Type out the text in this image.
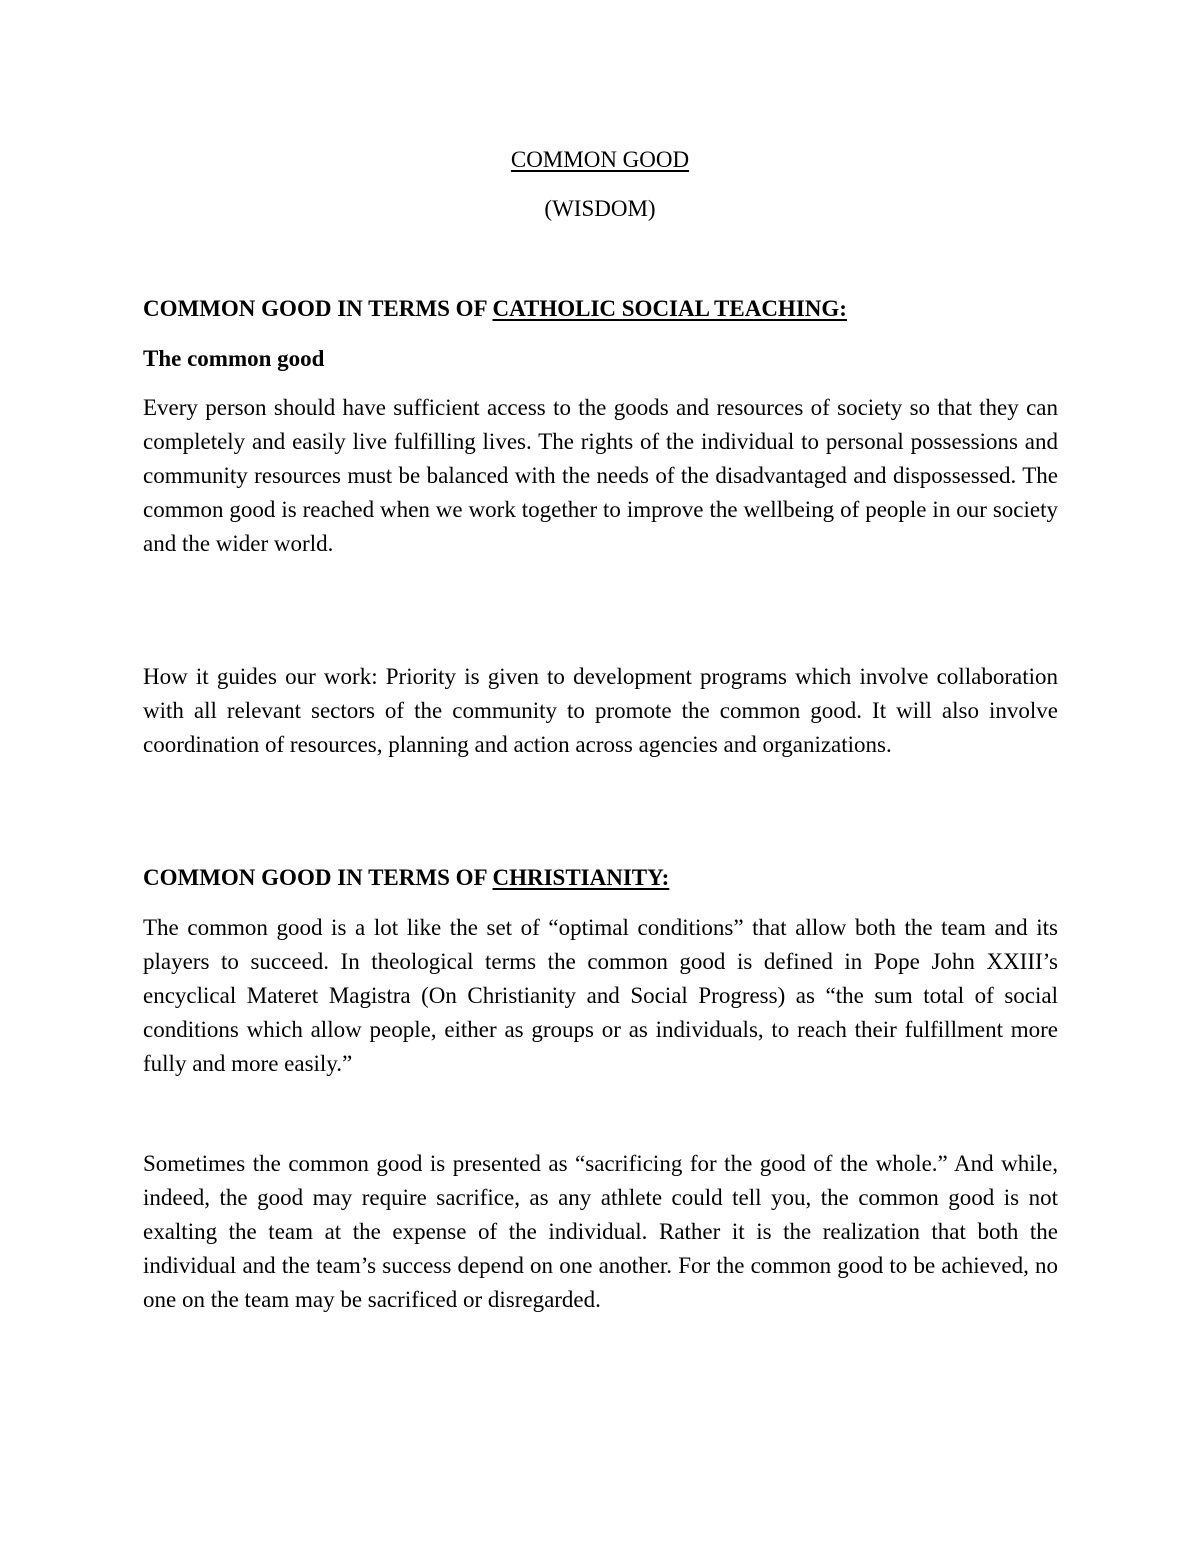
COMMON GOOD
(WISDOM)
COMMON GOOD IN TERMS OF CATHOLIC SOCIAL TEACHING:
The common good
Every person should have sufficient access to the goods and resources of society so that they can completely and easily live fulfilling lives. The rights of the individual to personal possessions and community resources must be balanced with the needs of the disadvantaged and dispossessed. The common good is reached when we work together to improve the wellbeing of people in our society and the wider world.
How it guides our work: Priority is given to development programs which involve collaboration with all relevant sectors of the community to promote the common good. It will also involve coordination of resources, planning and action across agencies and organizations.
COMMON GOOD IN TERMS OF CHRISTIANITY:
The common good is a lot like the set of “optimal conditions” that allow both the team and its players to succeed. In theological terms the common good is defined in Pope John XXIII’s encyclical Materet Magistra (On Christianity and Social Progress) as “the sum total of social conditions which allow people, either as groups or as individuals, to reach their fulfillment more fully and more easily.”
Sometimes the common good is presented as “sacrificing for the good of the whole.” And while, indeed, the good may require sacrifice, as any athlete could tell you, the common good is not exalting the team at the expense of the individual. Rather it is the realization that both the individual and the team’s success depend on one another. For the common good to be achieved, no one on the team may be sacrificed or disregarded.
